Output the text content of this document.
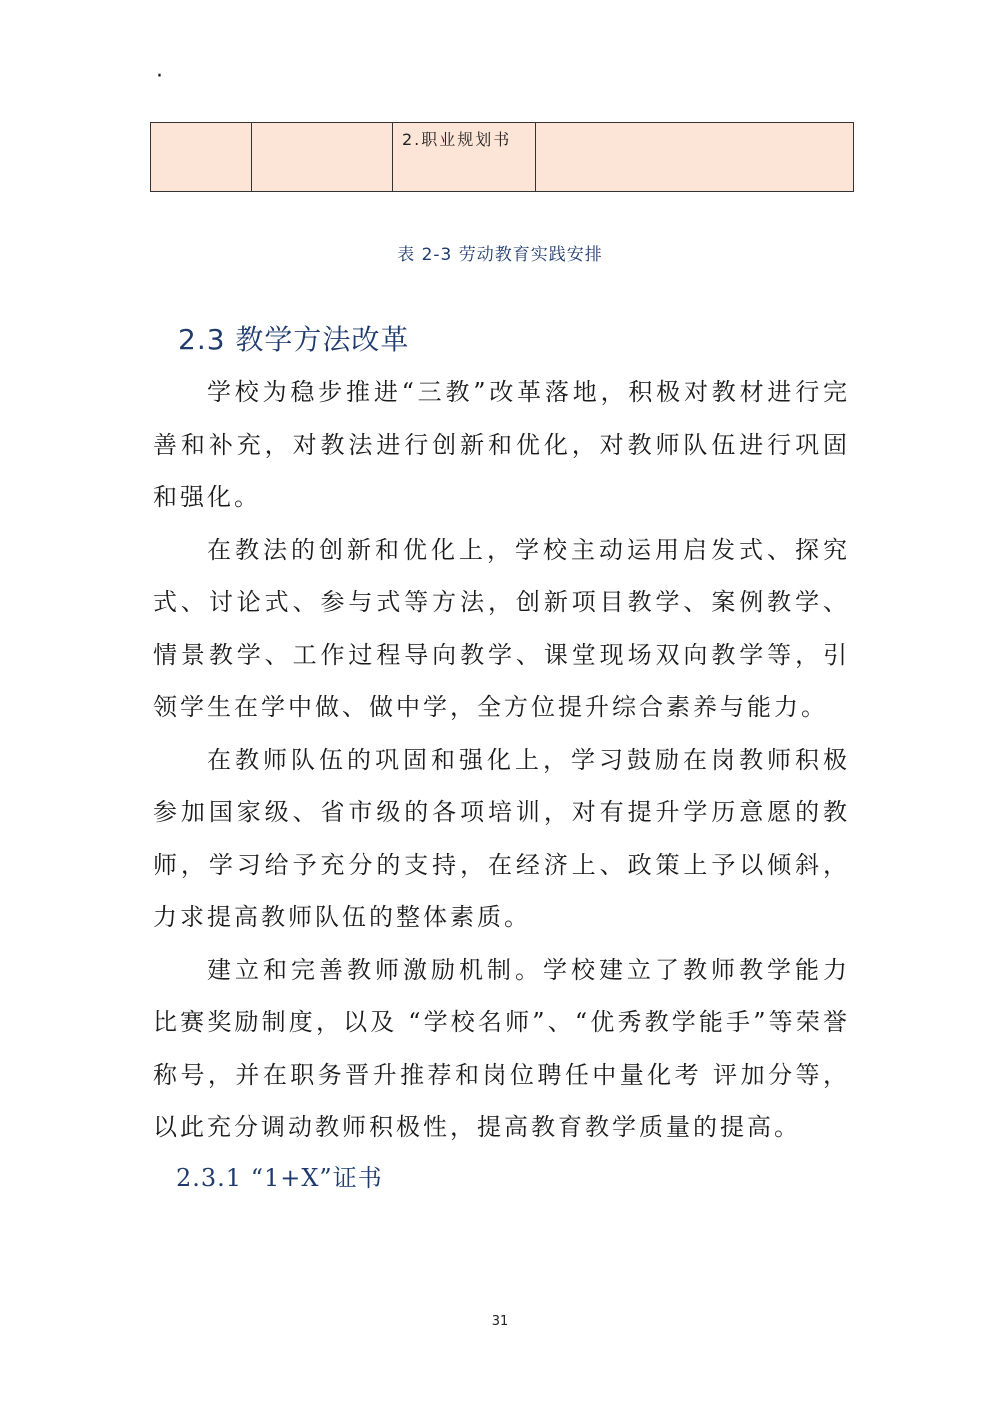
·

2.职业规划书

表 2-3 劳动教育实践安排
2.3 教学方法改革

学校为稳步推进“三教”改革落地，积极对教材进行完善和补充，对教法进行创新和优化，对教师队伍进行巩固和强化。

在教法的创新和优化上，学校主动运用启发式、探究式、讨论式、参与式等方法，创新项目教学、案例教学、情景教学、工作过程导向教学、课堂现场双向教学等，引领学生在学中做、做中学，全方位提升综合素养与能力。

在教师队伍的巩固和强化上，学习鼓励在岗教师积极参加国家级、省市级的各项培训，对有提升学历意愿的教师，学习给予充分的支持，在经济上、政策上予以倾斜，力求提高教师队伍的整体素质。

建立和完善教师激励机制。学校建立了教师教学能力比赛奖励制度，以及 “学校名师”、“优秀教学能手”等荣誉称号，并在职务晋升推荐和岗位聘任中量化考 评加分等，以此充分调动教师积极性，提高教育教学质量的提高。

2.3.1 “1+X”证书
31
